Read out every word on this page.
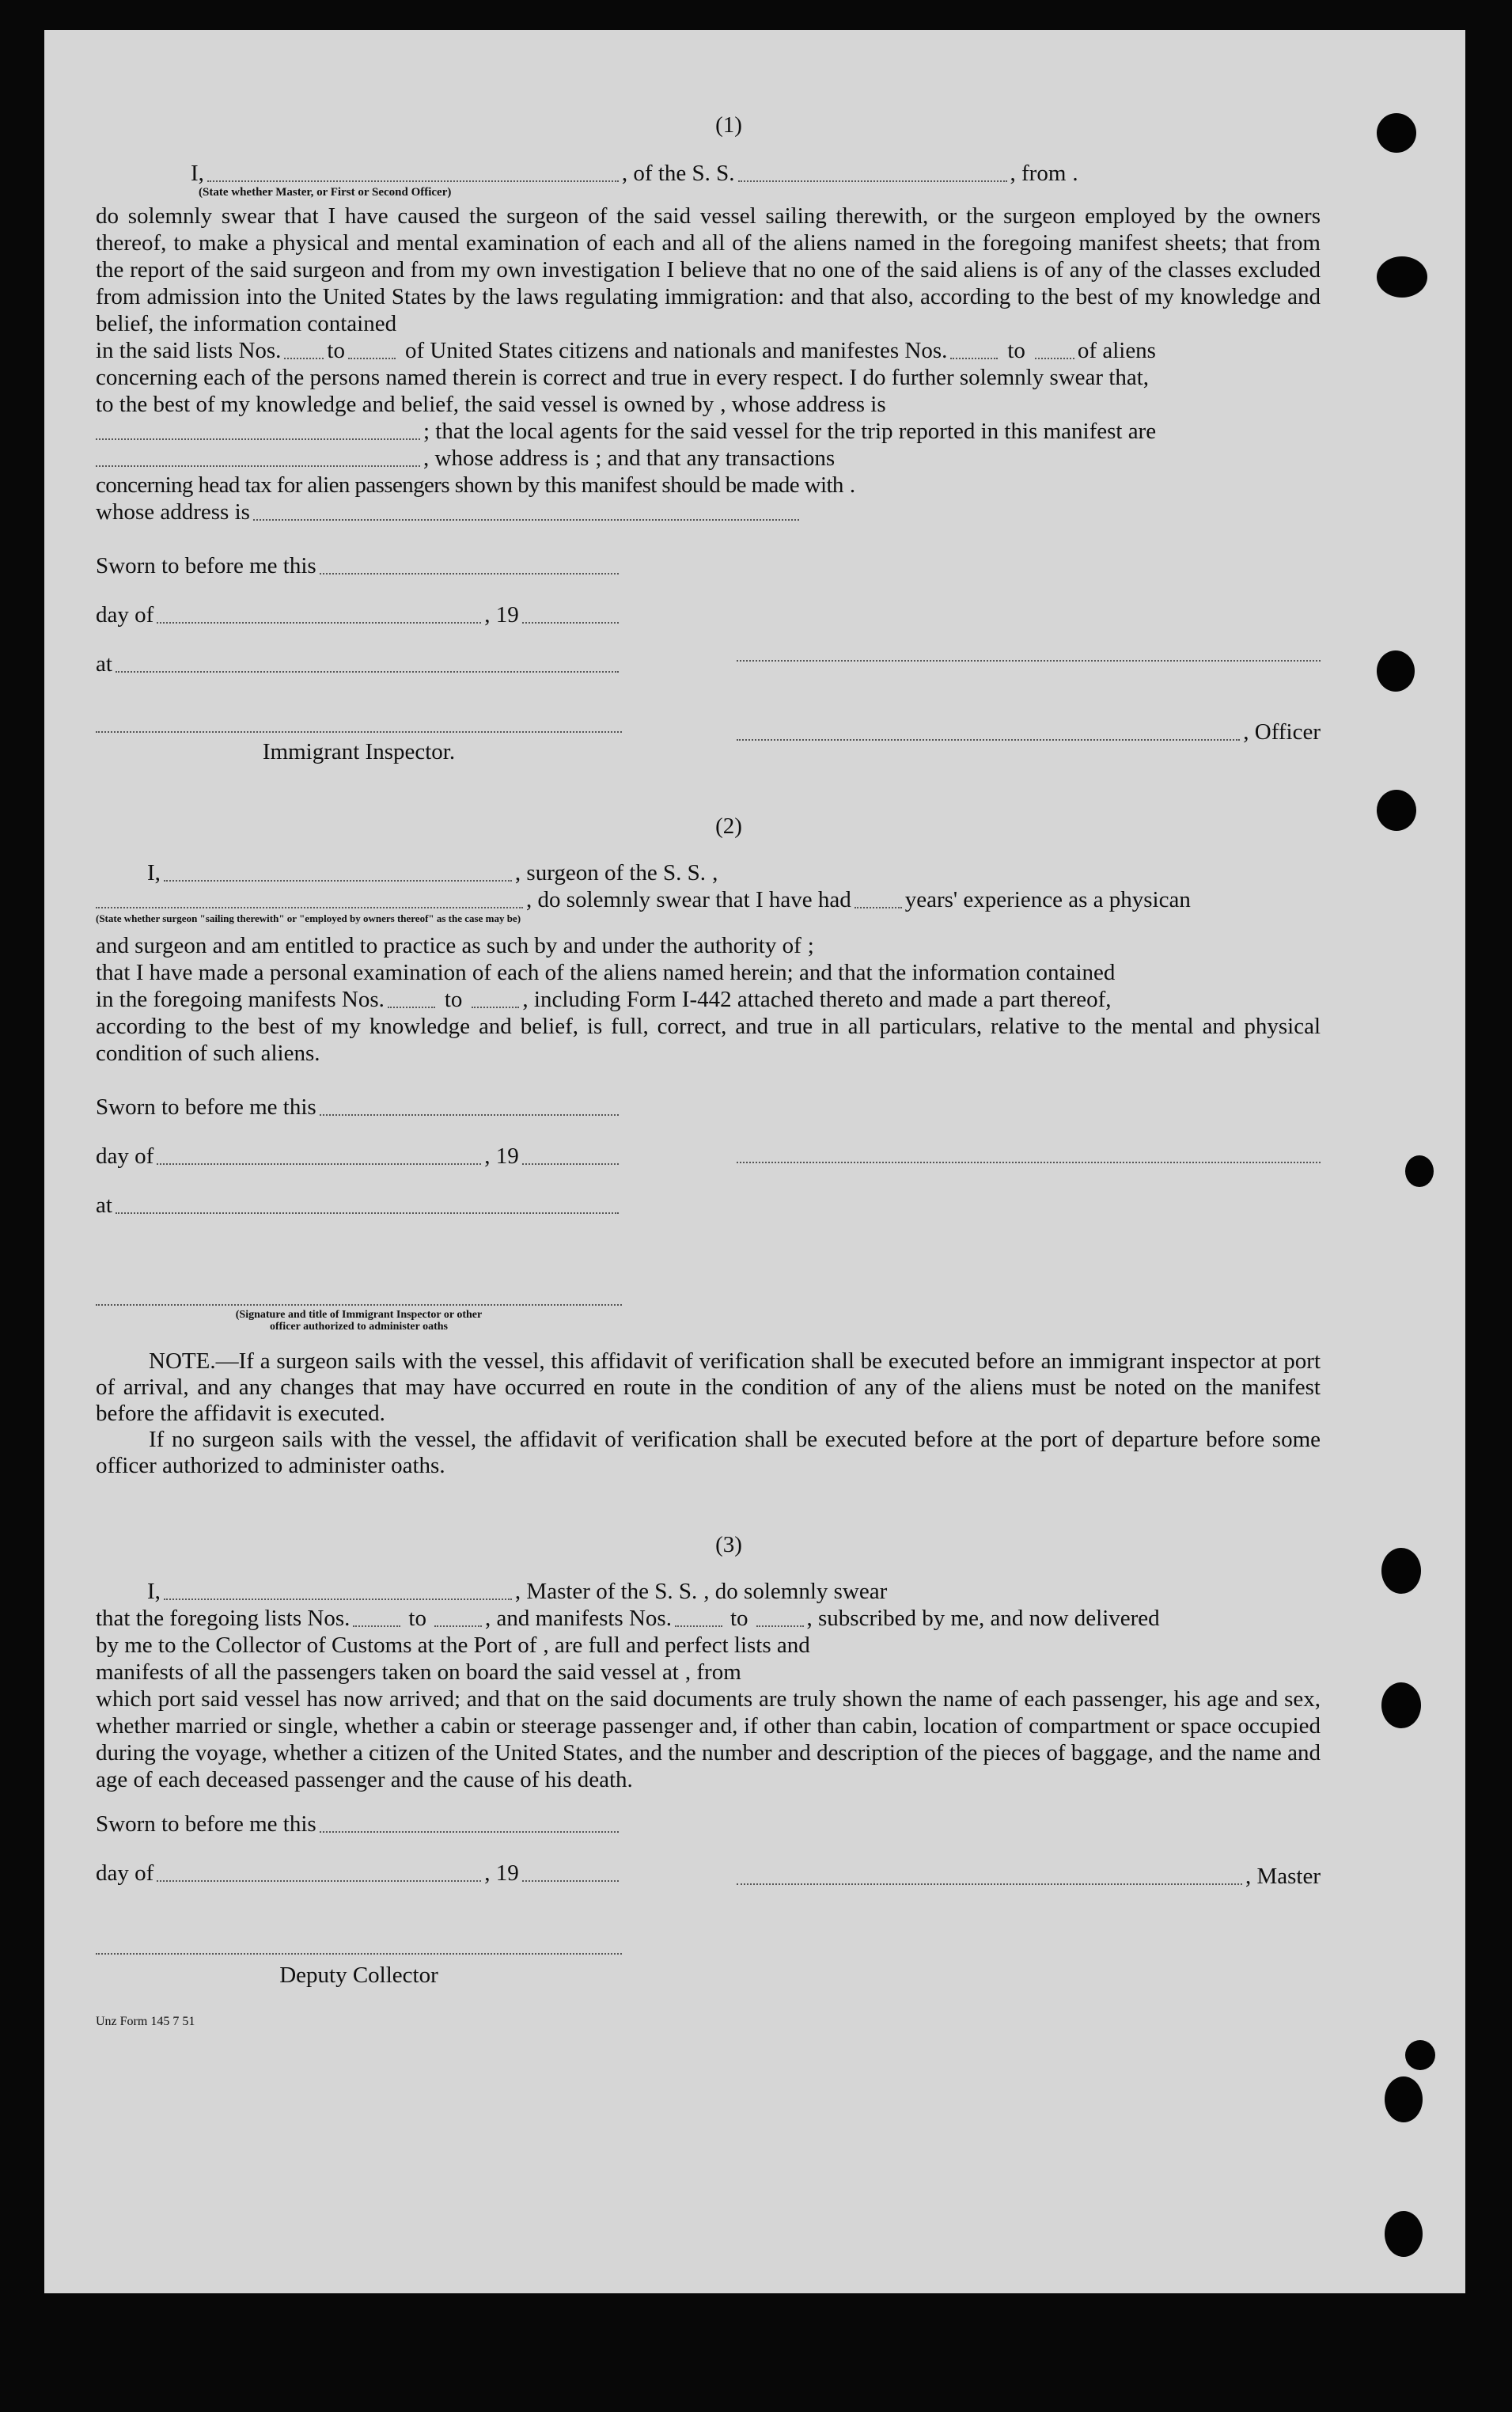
(1)
I,	, of the S. S.	, from .
(State whether Master, or First or Second Officer)

do solemnly swear that I have caused the surgeon of the said vessel sailing therewith, or the surgeon employed by the owners thereof, to make a physical and mental examination of each and all of the aliens named in the foregoing manifest sheets; that from the report of the said surgeon and from my own investigation I believe that no one of the said aliens is of any of the classes excluded from admission into the United States by the laws regulating immigration: and that also, according to the best of my knowledge and belief, the information contained

in the said lists Nos. to	of United States citizens and nationals and manifestes Nos.	to of aliens

concerning each of the persons named therein is correct and true in every respect. I do further solemnly swear that,

to the best of my knowledge and belief, the said vessel is owned by , whose address is
; that the local agents for the said vessel for the trip reported in this manifest are
, whose address is ; and that any transactions
concerning head tax for alien passengers shown by this manifest should be made with .
whose address is
Sworn to before me this
day of	, 19
at
Immigrant Inspector.
, Officer
(2)
I,	, surgeon of the S. S. ,
, do solemnly swear that I have had years' experience as a physican
(State whether surgeon "sailing therewith" or "employed by owners thereof" as the case may be)
and surgeon and am entitled to practice as such by and under the authority of ;

that I have made a personal examination of each of the aliens named herein; and that the information contained

in the foregoing manifests Nos.	to	, including Form I-442 attached thereto and made a part thereof,

according to the best of my knowledge and belief, is full, correct, and true in all particulars, relative to the mental and physical condition of such aliens.

Sworn to before me this
day of	, 19
at
(Signature and title of Immigrant Inspector or other
officer authorized to administer oaths

NOTE.—If a surgeon sails with the vessel, this affidavit of verification shall be executed before an immigrant inspector at port of arrival, and any changes that may have occurred en route in the condition of any of the aliens must be noted on the manifest before the affidavit is executed.

If no surgeon sails with the vessel, the affidavit of verification shall be executed before at the port of departure before some officer authorized to administer oaths.

(3)
I,	, Master of the S. S. , do solemnly swear
that the foregoing lists Nos.	to	, and manifests Nos.	to	, subscribed by me, and now delivered
by me to the Collector of Customs at the Port of , are full and perfect lists and
manifests of all the passengers taken on board the said vessel at , from

which port said vessel has now arrived; and that on the said documents are truly shown the name of each passenger, his age and sex, whether married or single, whether a cabin or steerage passenger and, if other than cabin, location of compartment or space occupied during the voyage, whether a citizen of the United States, and the number and description of the pieces of baggage, and the name and age of each deceased passenger and the cause of his death.

Sworn to before me this
day of	, 19	, Master
Deputy Collector
Unz Form 145 7 51
